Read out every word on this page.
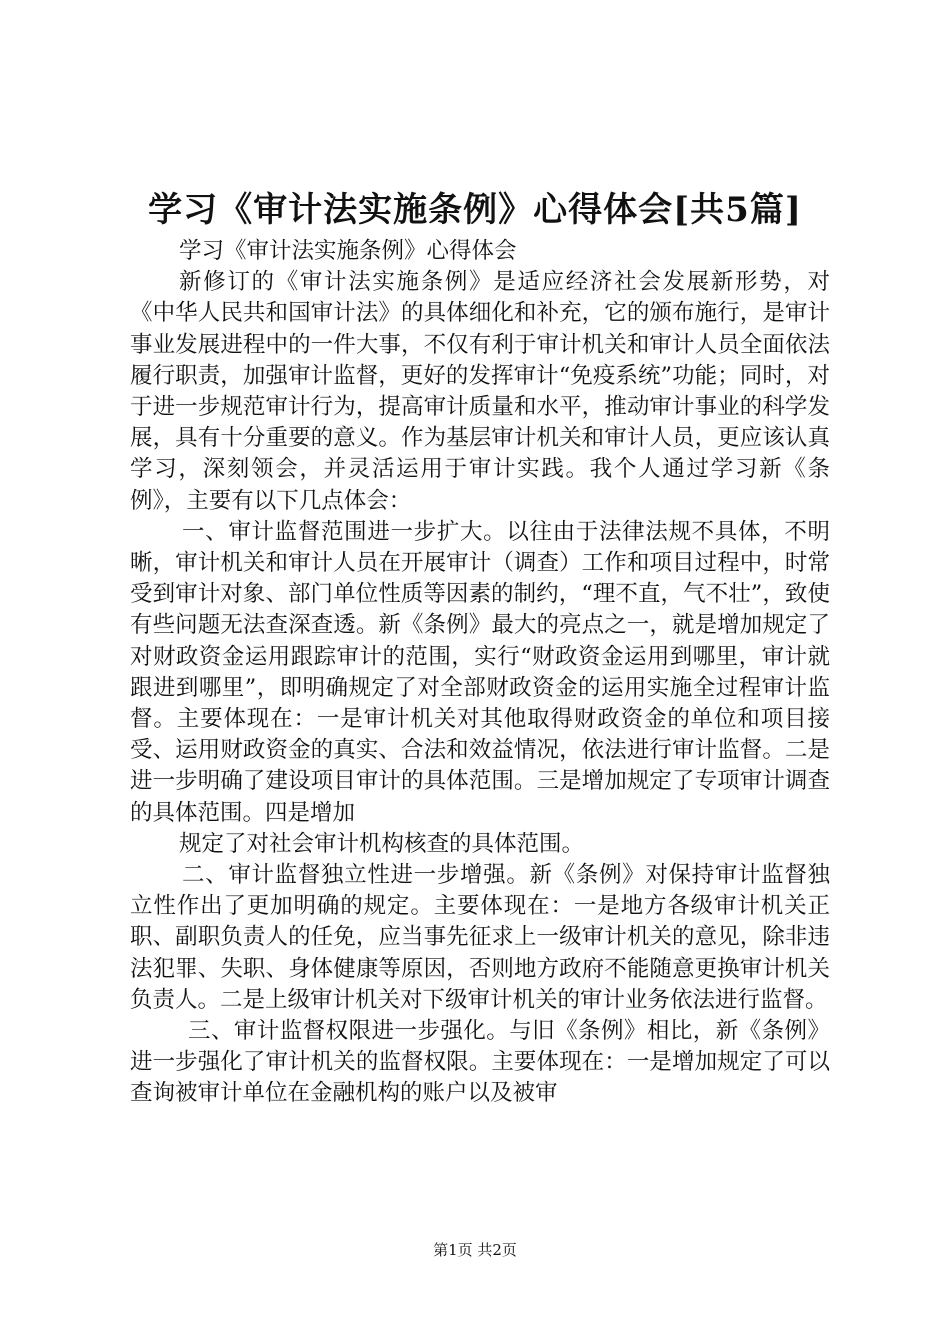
学习《审计法实施条例》心得体会[共5篇]

学习《审计法实施条例》心得体会

新修订的《审计法实施条例》是适应经济社会发展新形势，对《中华人民共和国审计法》的具体细化和补充，它的颁布施行，是审计事业发展进程中的一件大事，不仅有利于审计机关和审计人员全面依法履行职责，加强审计监督，更好的发挥审计“免疫系统”功能；同时，对于进一步规范审计行为，提高审计质量和水平，推动审计事业的科学发展，具有十分重要的意义。作为基层审计机关和审计人员，更应该认真学习，深刻领会，并灵活运用于审计实践。我个人通过学习新《条例》，主要有以下几点体会：

一、审计监督范围进一步扩大。以往由于法律法规不具体，不明晰，审计机关和审计人员在开展审计（调查）工作和项目过程中，时常受到审计对象、部门单位性质等因素的制约，“理不直，气不壮”，致使有些问题无法查深查透。新《条例》最大的亮点之一，就是增加规定了对财政资金运用跟踪审计的范围，实行“财政资金运用到哪里，审计就跟进到哪里”，即明确规定了对全部财政资金的运用实施全过程审计监督。主要体现在：一是审计机关对其他取得财政资金的单位和项目接受、运用财政资金的真实、合法和效益情况，依法进行审计监督。二是进一步明确了建设项目审计的具体范围。三是增加规定了专项审计调查的具体范围。四是增加

规定了对社会审计机构核查的具体范围。

二、审计监督独立性进一步增强。新《条例》对保持审计监督独立性作出了更加明确的规定。主要体现在：一是地方各级审计机关正职、副职负责人的任免，应当事先征求上一级审计机关的意见，除非违法犯罪、失职、身体健康等原因，否则地方政府不能随意更换审计机关负责人。二是上级审计机关对下级审计机关的审计业务依法进行监督。

三、审计监督权限进一步强化。与旧《条例》相比，新《条例》进一步强化了审计机关的监督权限。主要体现在：一是增加规定了可以查询被审计单位在金融机构的账户以及被审

第1页 共2页
